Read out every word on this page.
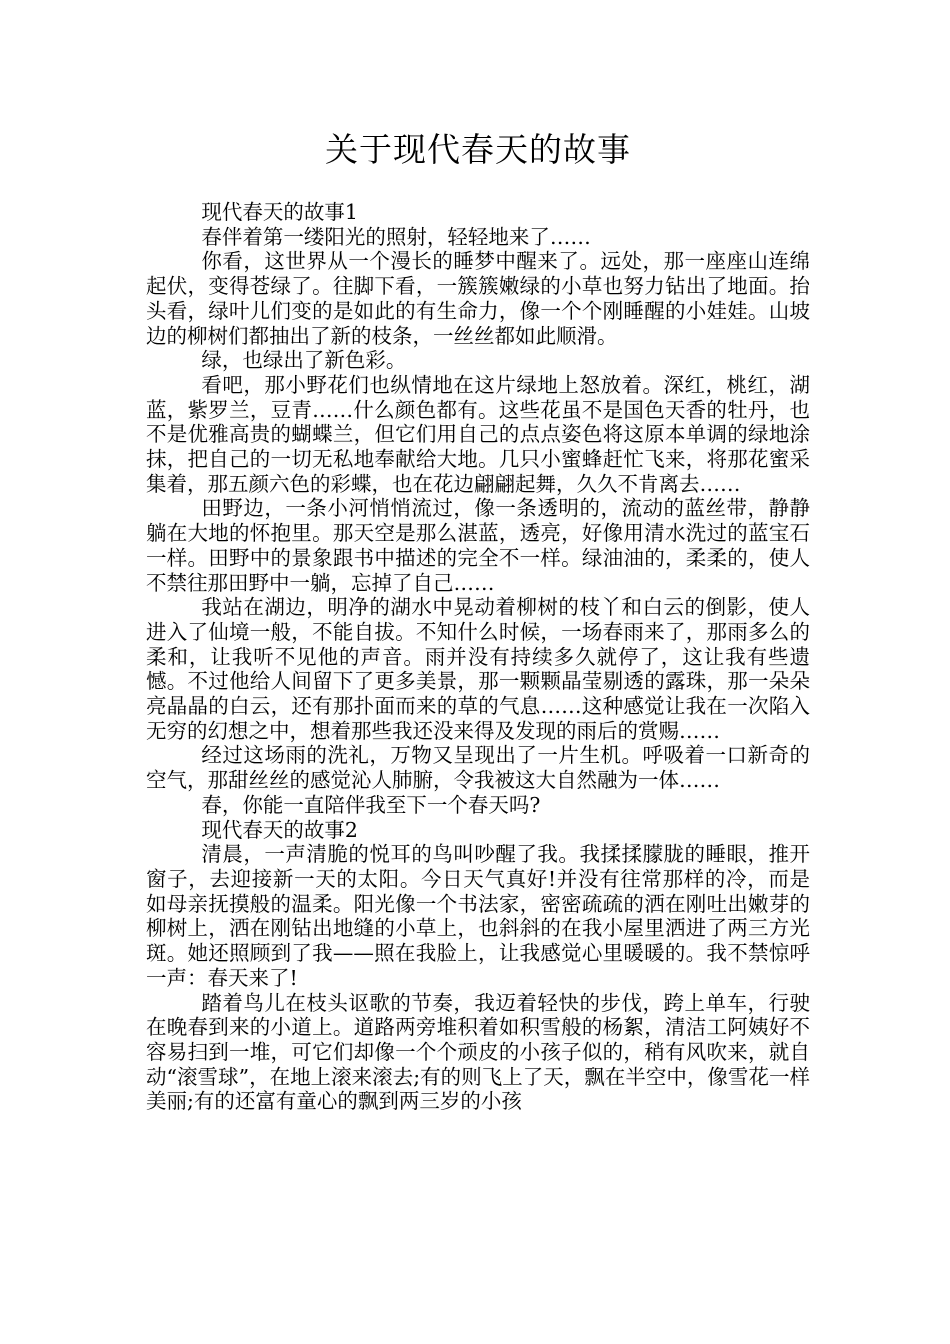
关于现代春天的故事

现代春天的故事1

春伴着第一缕阳光的照射，轻轻地来了……

你看，这世界从一个漫长的睡梦中醒来了。远处，那一座座山连绵起伏，变得苍绿了。往脚下看，一簇簇嫩绿的小草也努力钻出了地面。抬头看，绿叶儿们变的是如此的有生命力，像一个个刚睡醒的小娃娃。山坡边的柳树们都抽出了新的枝条，一丝丝都如此顺滑。

绿，也绿出了新色彩。

看吧，那小野花们也纵情地在这片绿地上怒放着。深红，桃红，湖蓝，紫罗兰，豆青……什么颜色都有。这些花虽不是国色天香的牡丹，也不是优雅高贵的蝴蝶兰，但它们用自己的点点姿色将这原本单调的绿地涂抹，把自己的一切无私地奉献给大地。几只小蜜蜂赶忙飞来，将那花蜜采集着，那五颜六色的彩蝶，也在花边翩翩起舞，久久不肯离去……

田野边，一条小河悄悄流过，像一条透明的，流动的蓝丝带，静静躺在大地的怀抱里。那天空是那么湛蓝，透亮，好像用清水洗过的蓝宝石一样。田野中的景象跟书中描述的完全不一样。绿油油的，柔柔的，使人不禁往那田野中一躺，忘掉了自己……

我站在湖边，明净的湖水中晃动着柳树的枝丫和白云的倒影，使人进入了仙境一般，不能自拔。不知什么时候，一场春雨来了，那雨多么的柔和，让我听不见他的声音。雨并没有持续多久就停了，这让我有些遗憾。不过他给人间留下了更多美景，那一颗颗晶莹剔透的露珠，那一朵朵亮晶晶的白云，还有那扑面而来的草的气息……这种感觉让我在一次陷入无穷的幻想之中，想着那些我还没来得及发现的雨后的赏赐……

经过这场雨的洗礼，万物又呈现出了一片生机。呼吸着一口新奇的空气，那甜丝丝的感觉沁人肺腑，令我被这大自然融为一体……

春，你能一直陪伴我至下一个春天吗?

现代春天的故事2

清晨，一声清脆的悦耳的鸟叫吵醒了我。我揉揉朦胧的睡眼，推开窗子，去迎接新一天的太阳。今日天气真好!并没有往常那样的冷，而是如母亲抚摸般的温柔。阳光像一个书法家，密密疏疏的洒在刚吐出嫩芽的柳树上，洒在刚钻出地缝的小草上，也斜斜的在我小屋里洒进了两三方光斑。她还照顾到了我——照在我脸上，让我感觉心里暖暖的。我不禁惊呼一声：春天来了!

踏着鸟儿在枝头讴歌的节奏，我迈着轻快的步伐，跨上单车，行驶在晚春到来的小道上。道路两旁堆积着如积雪般的杨絮，清洁工阿姨好不容易扫到一堆，可它们却像一个个顽皮的小孩子似的，稍有风吹来，就自动“滚雪球”，在地上滚来滚去;有的则飞上了天，飘在半空中，像雪花一样美丽;有的还富有童心的飘到两三岁的小孩
